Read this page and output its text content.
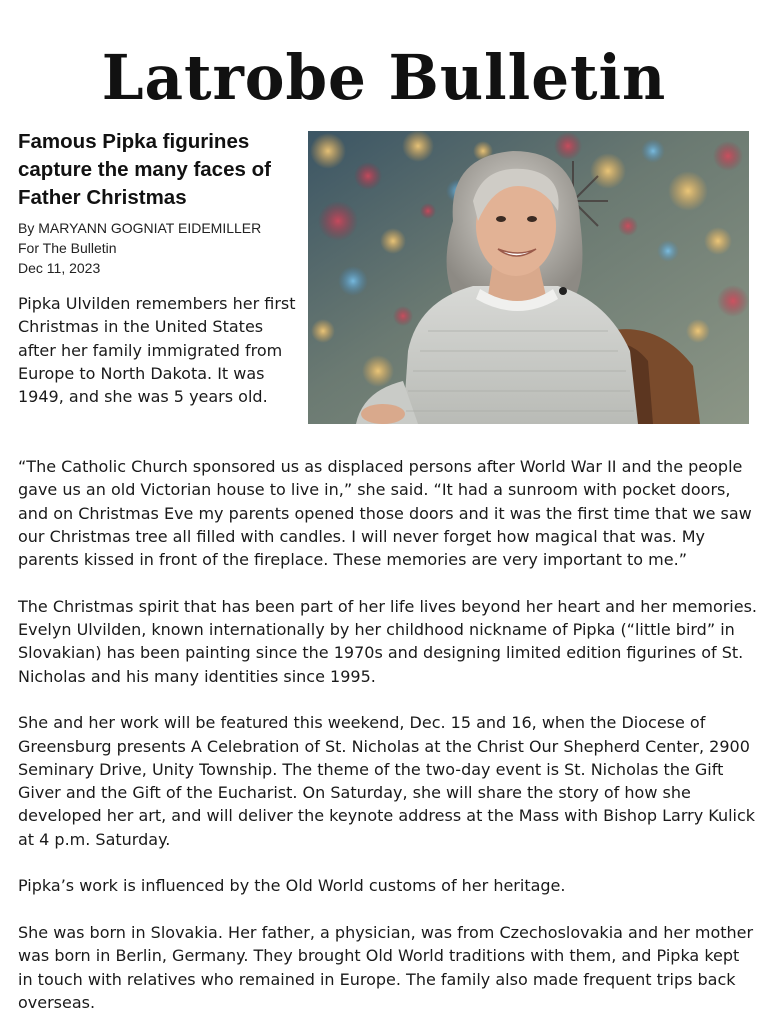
Latrobe Bulletin
Famous Pipka figurines capture the many faces of Father Christmas
By MARYANN GOGNIAT EIDEMILLER
For The Bulletin
Dec 11, 2023
Pipka Ulvilden remembers her first Christmas in the United States after her family immigrated from Europe to North Dakota. It was 1949, and she was 5 years old.

“The Catholic Church sponsored us as displaced persons after World War II and the people gave us an old Victorian house to live in,” she said. “It had a sunroom with pocket doors, and on Christmas Eve my parents opened those doors and it was the first time that we saw our Christmas tree all filled with candles. I will never forget how magical that was. My parents kissed in front of the fireplace. These memories are very important to me.”

The Christmas spirit that has been part of her life lives beyond her heart and her memories. Evelyn Ulvilden, known internationally by her childhood nickname of Pipka (“little bird” in Slovakian) has been painting since the 1970s and designing limited edition figurines of St. Nicholas and his many identities since 1995.

She and her work will be featured this weekend, Dec. 15 and 16, when the Diocese of Greensburg presents A Celebration of St. Nicholas at the Christ Our Shepherd Center, 2900 Seminary Drive, Unity Township. The theme of the two-day event is St. Nicholas the Gift Giver and the Gift of the Eucharist. On Saturday, she will share the story of how she developed her art, and will deliver the keynote address at the Mass with Bishop Larry Kulick at 4 p.m. Saturday.

Pipka’s work is influenced by the Old World customs of her heritage.

She was born in Slovakia. Her father, a physician, was from Czechoslovakia and her mother was born in Berlin, Germany. They brought Old World traditions with them, and Pipka kept in touch with relatives who remained in Europe. The family also made frequent trips back overseas.
